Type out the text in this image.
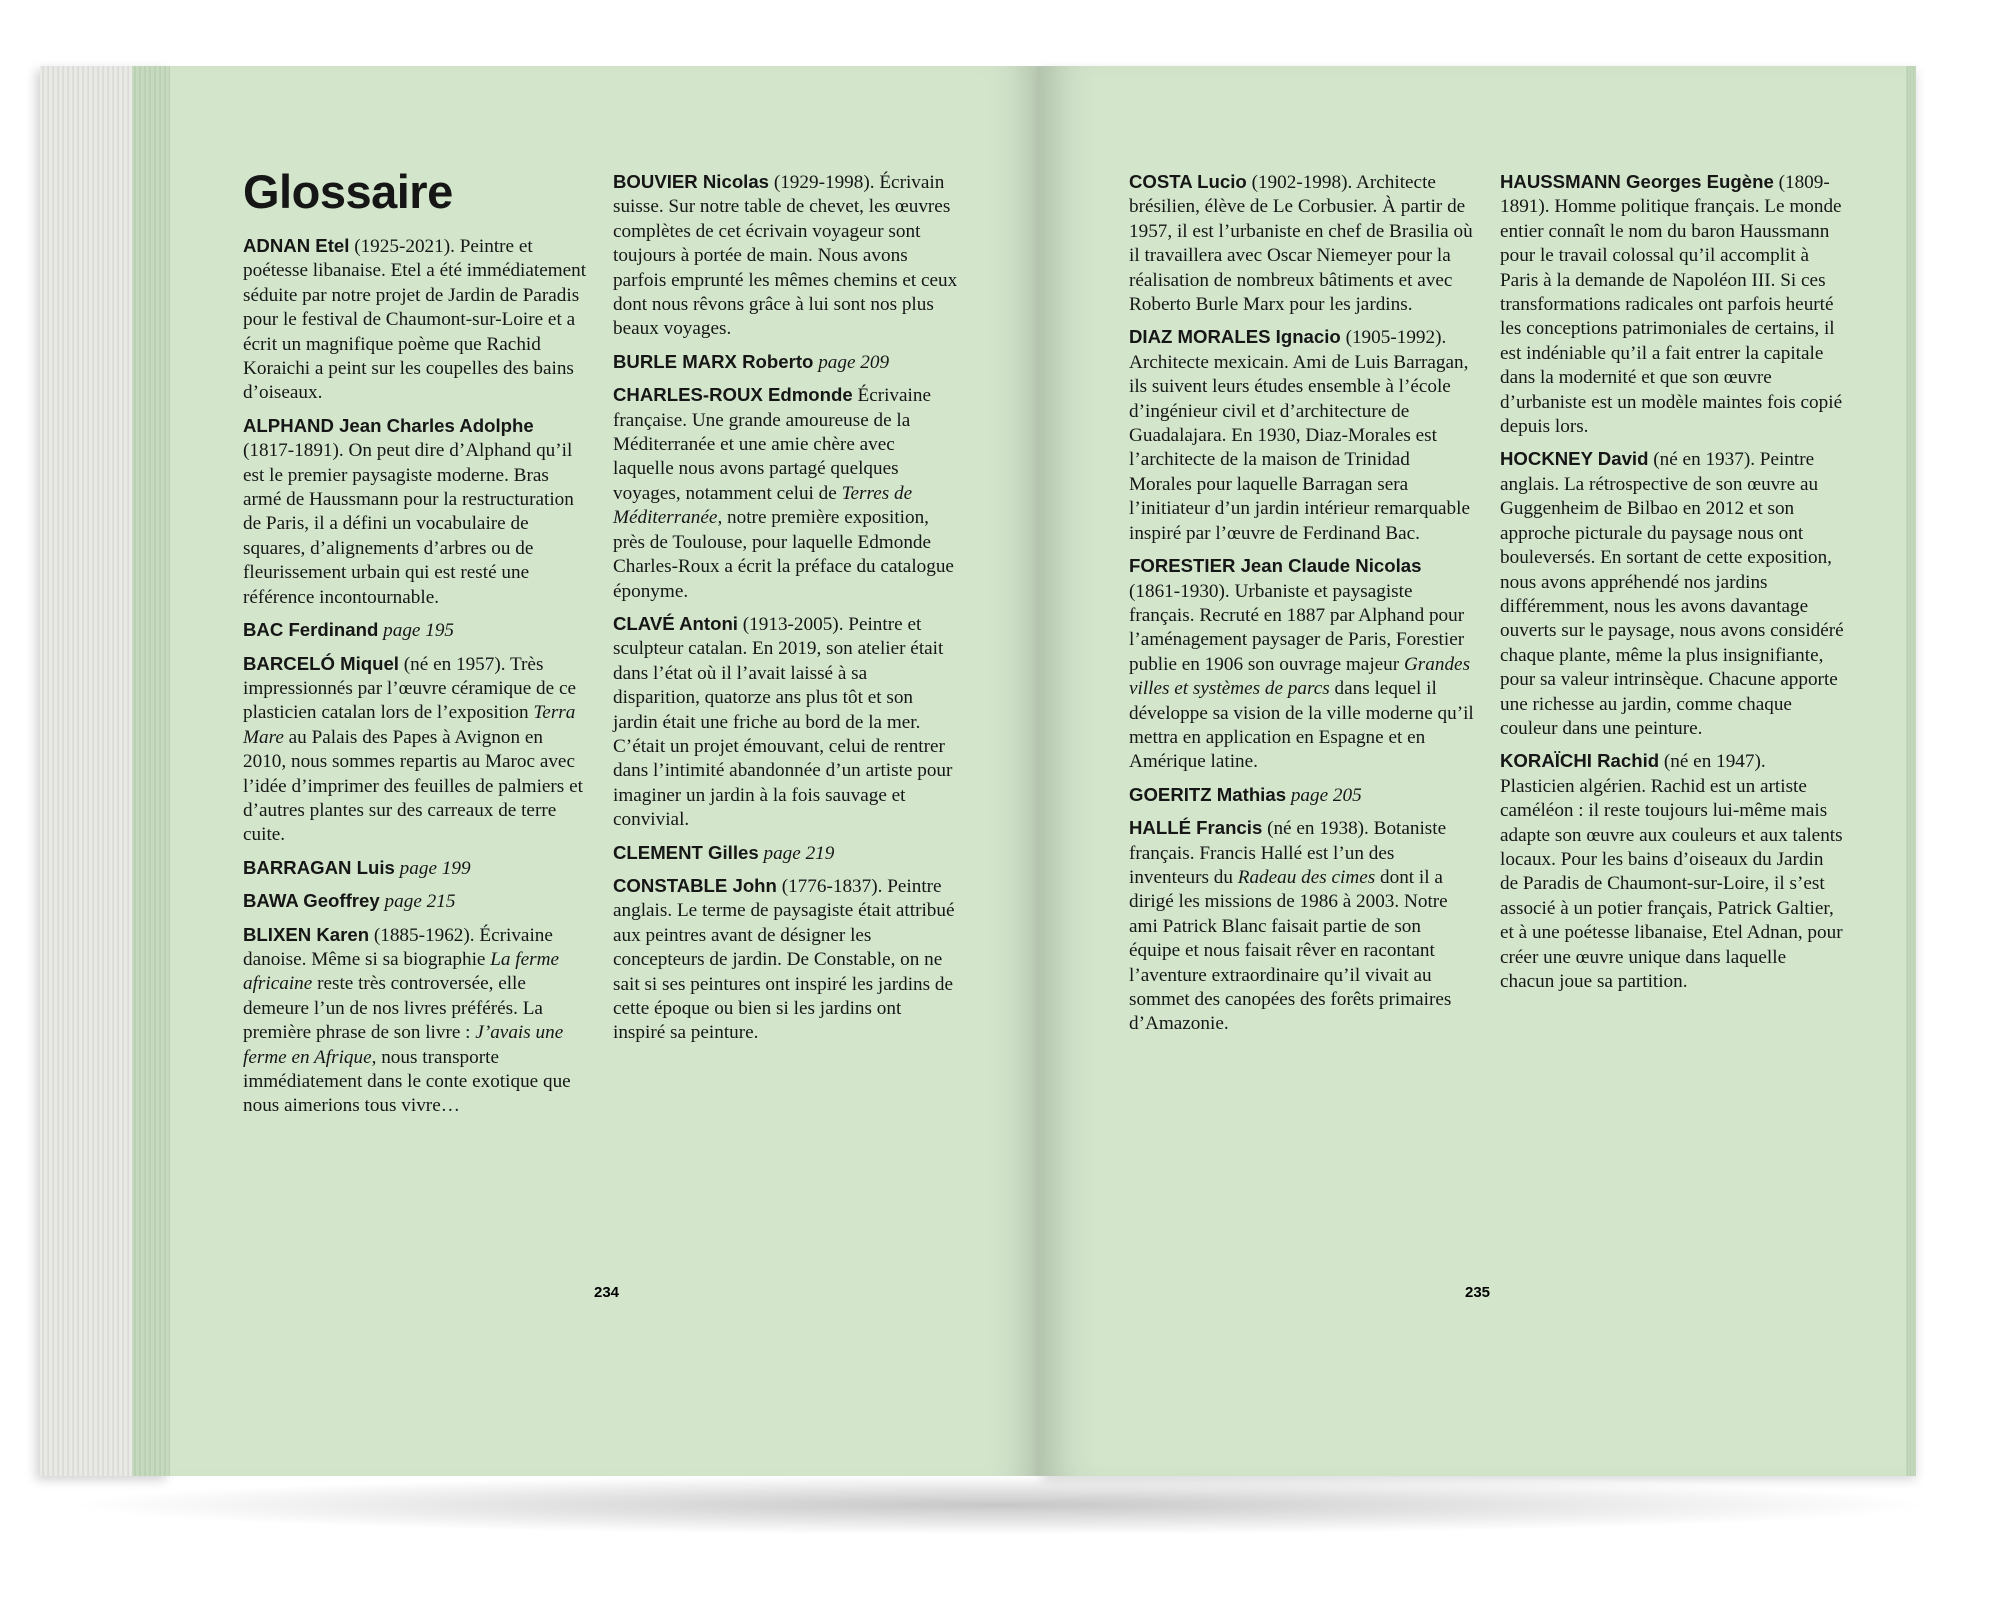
Glossaire

ADNAN Etel (1925-2021). Peintre et poétesse libanaise. Etel a été immédiatement séduite par notre projet de Jardin de Paradis pour le festival de Chaumont-sur-Loire et a écrit un magnifique poème que Rachid Koraichi a peint sur les coupelles des bains d’oiseaux.

ALPHAND Jean Charles Adolphe (1817-1891). On peut dire d’Alphand qu’il est le premier paysagiste moderne. Bras armé de Haussmann pour la restructuration de Paris, il a défini un vocabulaire de squares, d’alignements d’arbres ou de fleurissement urbain qui est resté une référence incontournable.

BAC Ferdinand page 195

BARCELÓ Miquel (né en 1957). Très impressionnés par l’œuvre céramique de ce plasticien catalan lors de l’exposition Terra Mare au Palais des Papes à Avignon en 2010, nous sommes repartis au Maroc avec l’idée d’imprimer des feuilles de palmiers et d’autres plantes sur des carreaux de terre cuite.

BARRAGAN Luis page 199

BAWA Geoffrey page 215

BLIXEN Karen (1885-1962). Écrivaine danoise. Même si sa biographie La ferme africaine reste très controversée, elle demeure l’un de nos livres préférés. La première phrase de son livre : J’avais une ferme en Afrique, nous transporte immédiatement dans le conte exotique que nous aimerions tous vivre…

BOUVIER Nicolas (1929-1998). Écrivain suisse. Sur notre table de chevet, les œuvres complètes de cet écrivain voyageur sont toujours à portée de main. Nous avons parfois emprunté les mêmes chemins et ceux dont nous rêvons grâce à lui sont nos plus beaux voyages.

BURLE MARX Roberto page 209

CHARLES-ROUX Edmonde Écrivaine française. Une grande amoureuse de la Méditerranée et une amie chère avec laquelle nous avons partagé quelques voyages, notamment celui de Terres de Méditerranée, notre première exposition, près de Toulouse, pour laquelle Edmonde Charles-Roux a écrit la préface du catalogue éponyme.

CLAVÉ Antoni (1913-2005). Peintre et sculpteur catalan. En 2019, son atelier était dans l’état où il l’avait laissé à sa disparition, quatorze ans plus tôt et son jardin était une friche au bord de la mer. C’était un projet émouvant, celui de rentrer dans l’intimité abandonnée d’un artiste pour imaginer un jardin à la fois sauvage et convivial.

CLEMENT Gilles page 219

CONSTABLE John (1776-1837). Peintre anglais. Le terme de paysagiste était attribué aux peintres avant de désigner les concepteurs de jardin. De Constable, on ne sait si ses peintures ont inspiré les jardins de cette époque ou bien si les jardins ont inspiré sa peinture.

COSTA Lucio (1902-1998). Architecte brésilien, élève de Le Corbusier. À partir de 1957, il est l’urbaniste en chef de Brasilia où il travaillera avec Oscar Niemeyer pour la réalisation de nombreux bâtiments et avec Roberto Burle Marx pour les jardins.

DIAZ MORALES Ignacio (1905-1992). Architecte mexicain. Ami de Luis Barragan, ils suivent leurs études ensemble à l’école d’ingénieur civil et d’architecture de Guadalajara. En 1930, Diaz-Morales est l’architecte de la maison de Trinidad Morales pour laquelle Barragan sera l’initiateur d’un jardin intérieur remarquable inspiré par l’œuvre de Ferdinand Bac.

FORESTIER Jean Claude Nicolas (1861-1930). Urbaniste et paysagiste français. Recruté en 1887 par Alphand pour l’aménagement paysager de Paris, Forestier publie en 1906 son ouvrage majeur Grandes villes et systèmes de parcs dans lequel il développe sa vision de la ville moderne qu’il mettra en application en Espagne et en Amérique latine.

GOERITZ Mathias page 205

HALLÉ Francis (né en 1938). Botaniste français. Francis Hallé est l’un des inventeurs du Radeau des cimes dont il a dirigé les missions de 1986 à 2003. Notre ami Patrick Blanc faisait partie de son équipe et nous faisait rêver en racontant l’aventure extraordinaire qu’il vivait au sommet des canopées des forêts primaires d’Amazonie.

HAUSSMANN Georges Eugène (1809-1891). Homme politique français. Le monde entier connaît le nom du baron Haussmann pour le travail colossal qu’il accomplit à Paris à la demande de Napoléon III. Si ces transformations radicales ont parfois heurté les conceptions patrimoniales de certains, il est indéniable qu’il a fait entrer la capitale dans la modernité et que son œuvre d’urbaniste est un modèle maintes fois copié depuis lors.

HOCKNEY David (né en 1937). Peintre anglais. La rétrospective de son œuvre au Guggenheim de Bilbao en 2012 et son approche picturale du paysage nous ont bouleversés. En sortant de cette exposition, nous avons appréhendé nos jardins différemment, nous les avons davantage ouverts sur le paysage, nous avons considéré chaque plante, même la plus insignifiante, pour sa valeur intrinsèque. Chacune apporte une richesse au jardin, comme chaque couleur dans une peinture.

KORAÏCHI Rachid (né en 1947). Plasticien algérien. Rachid est un artiste caméléon : il reste toujours lui-même mais adapte son œuvre aux couleurs et aux talents locaux. Pour les bains d’oiseaux du Jardin de Paradis de Chaumont-sur-Loire, il s’est associé à un potier français, Patrick Galtier, et à une poétesse libanaise, Etel Adnan, pour créer une œuvre unique dans laquelle chacun joue sa partition.

234	235
